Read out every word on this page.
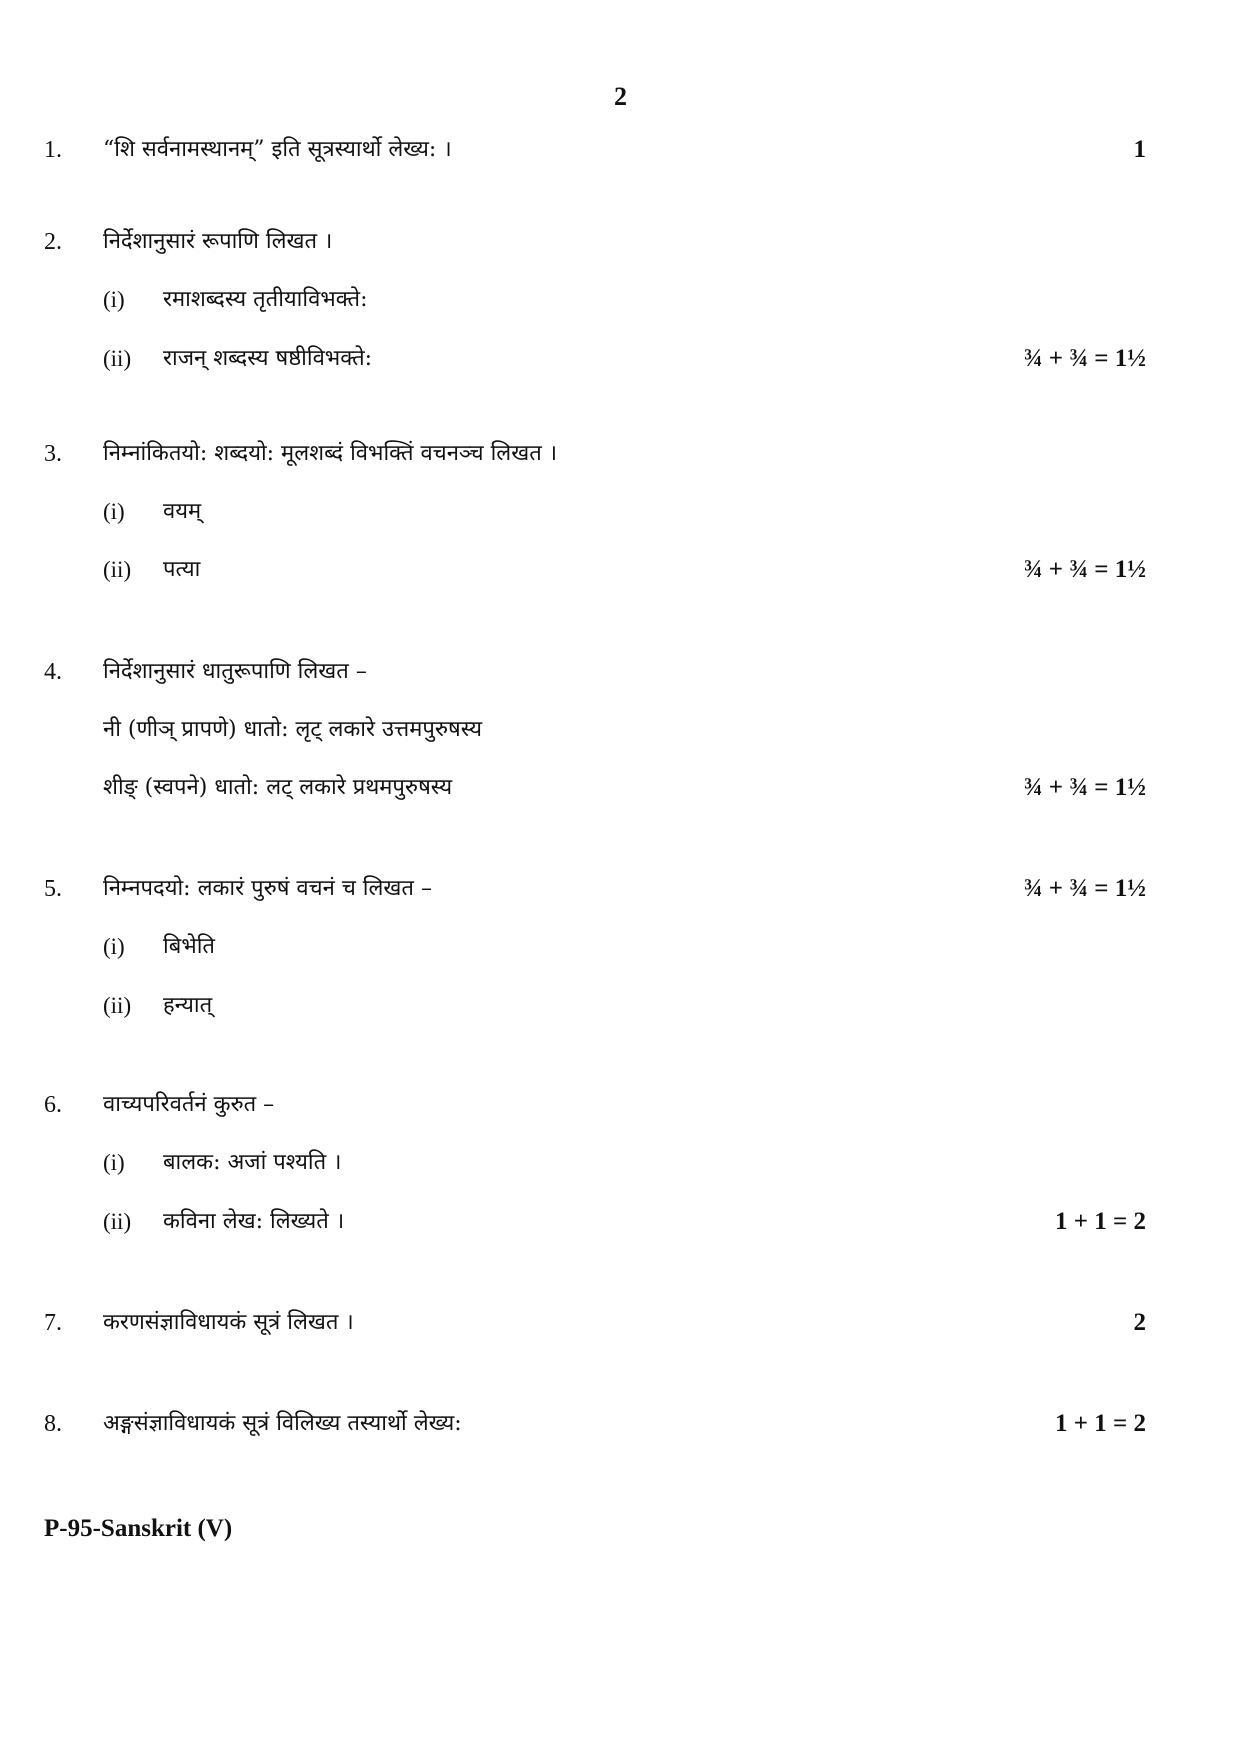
2
1. “शि सर्वनामस्थानम्” इति सूत्रस्यार्थो लेख्य: ।	1
2. निर्देशानुसारं रूपाणि लिखत ।
(i) रमाशब्दस्य तृतीयाविभक्ते:
(ii) राजन् शब्दस्य षष्ठीविभक्ते:	¾ + ¾ = 1½
3. निम्नांकितयो: शब्दयो: मूलशब्दं विभक्तिं वचनञ्च लिखत ।
(i) वयम्
(ii) पत्या	¾ + ¾ = 1½
4. निर्देशानुसारं धातुरूपाणि लिखत –
नी (णीञ् प्रापणे) धातो: लृट् लकारे उत्तमपुरुषस्य
शीङ् (स्वपने) धातो: लट् लकारे प्रथमपुरुषस्य	¾ + ¾ = 1½
5. निम्नपदयो: लकारं पुरुषं वचनं च लिखत –	¾ + ¾ = 1½
(i) बिभेति
(ii) हन्यात्
6. वाच्यपरिवर्तनं कुरुत –
(i) बालक: अजां पश्यति ।
(ii) कविना लेख: लिख्यते ।	1 + 1 = 2
7. करणसंज्ञाविधायकं सूत्रं लिखत ।	2
8. अङ्गसंज्ञाविधायकं सूत्रं विलिख्य तस्यार्थो लेख्य:	1 + 1 = 2
P-95-Sanskrit (V)
